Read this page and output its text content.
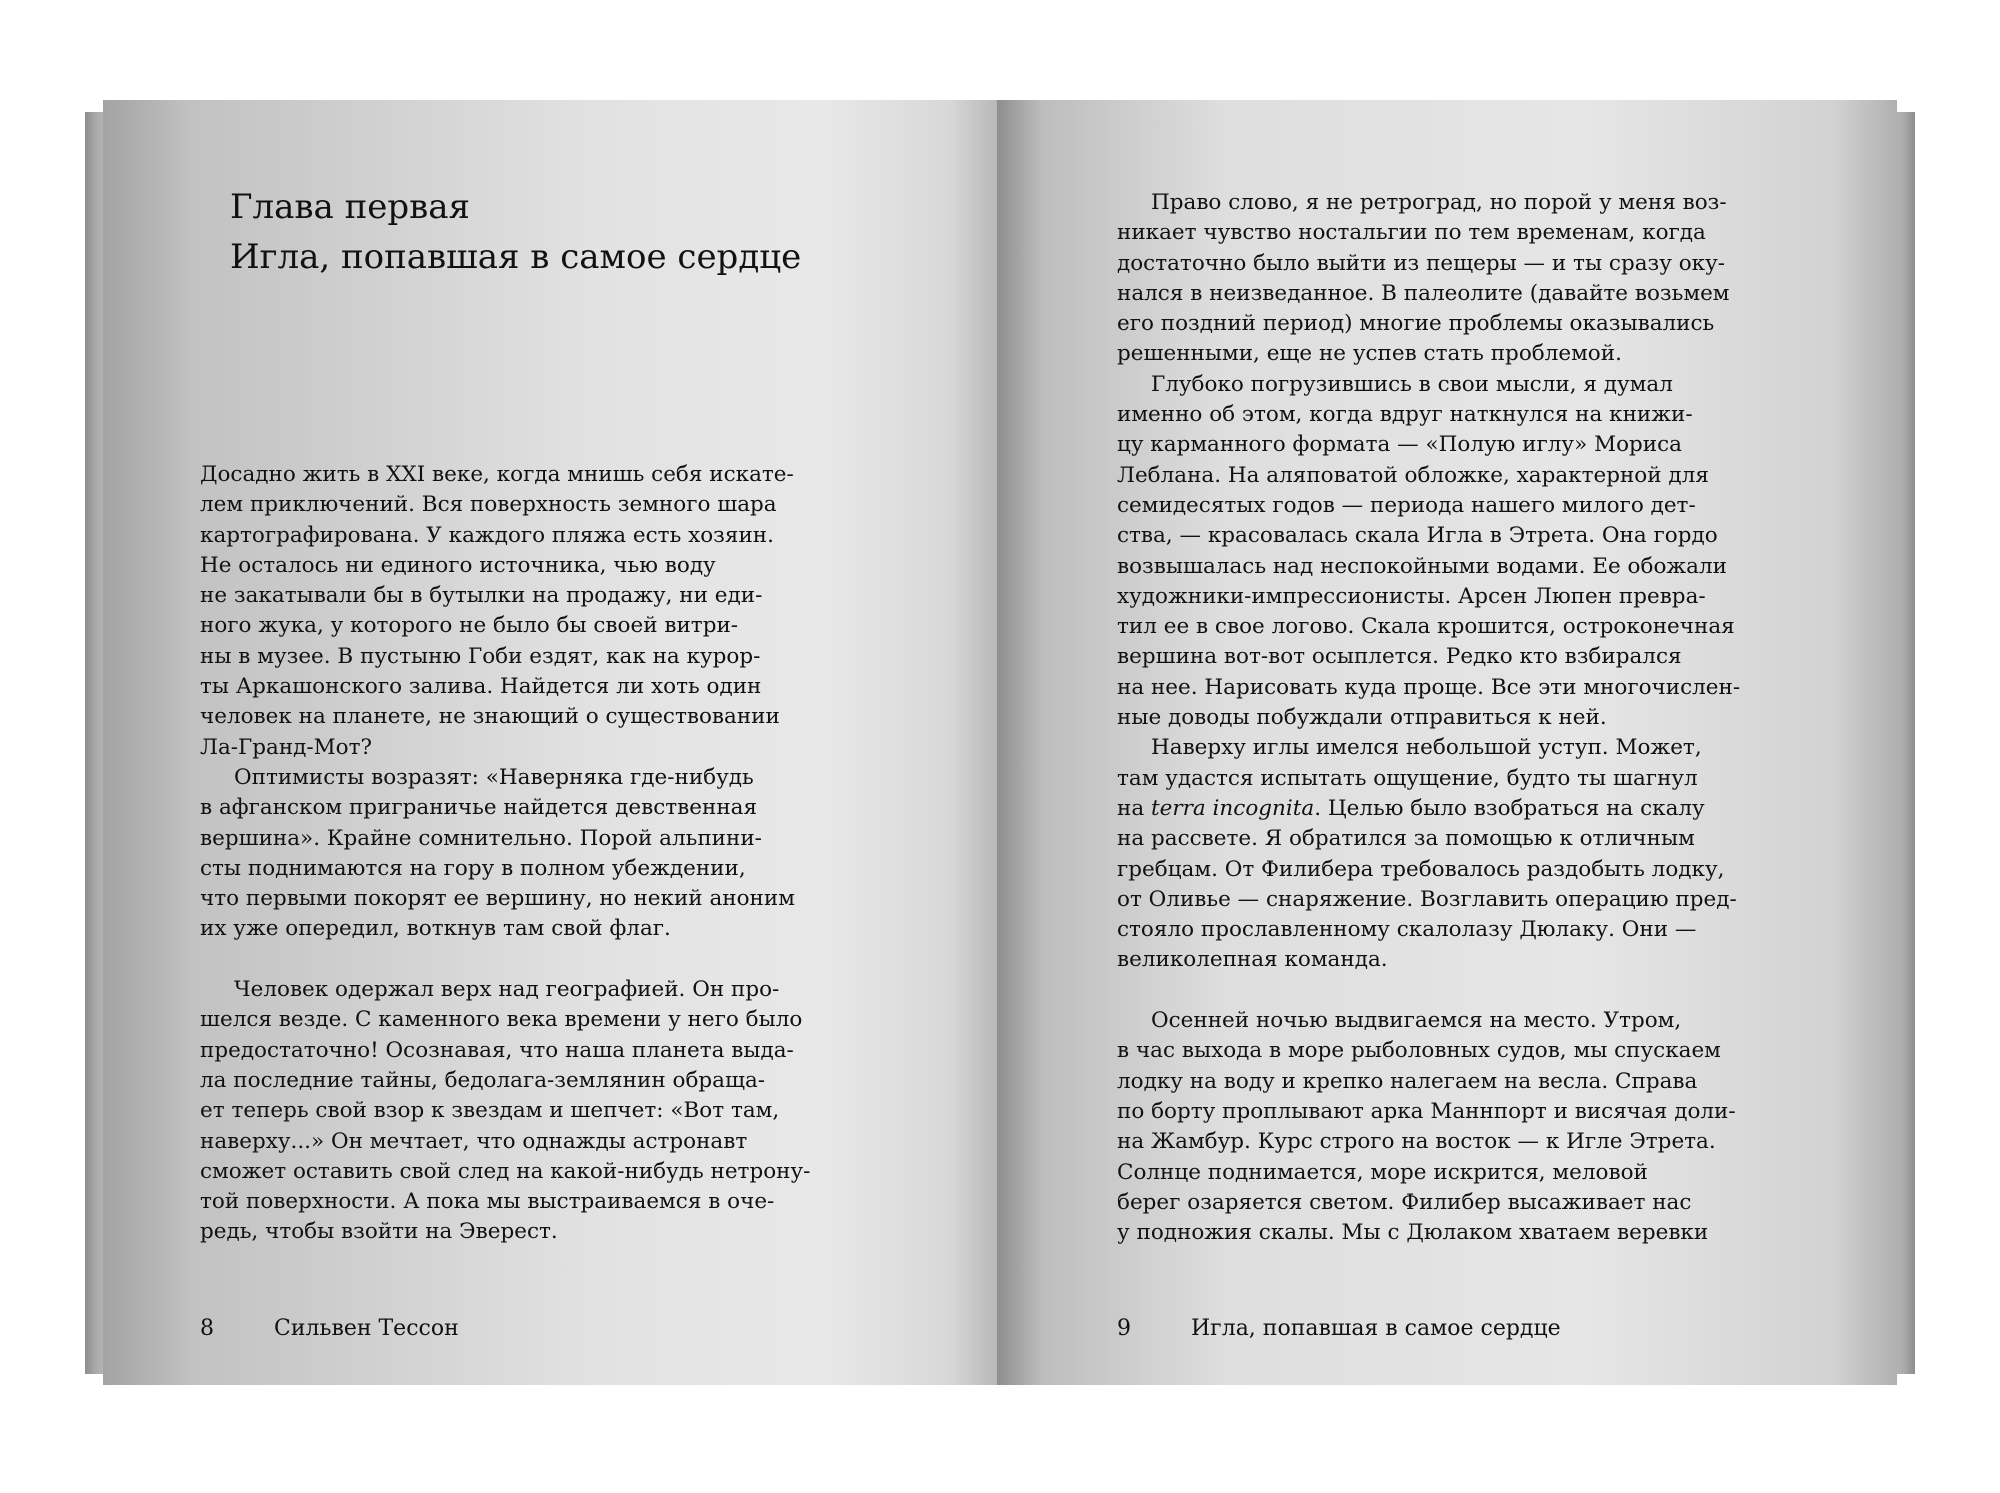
Глава первая
Игла, попавшая в самое сердце
Досадно жить в XXI веке, когда мнишь себя искате-
лем приключений. Вся поверхность земного шара
картографирована. У каждого пляжа есть хозяин.
Не осталось ни единого источника, чью воду
не закатывали бы в бутылки на продажу, ни еди-
ного жука, у которого не было бы своей витри-
ны в музее. В пустыню Гоби ездят, как на курор-
ты Аркашонского залива. Найдется ли хоть один
человек на планете, не знающий о существовании
Ла-Гранд-Мот?
Оптимисты возразят: «Наверняка где-нибудь
в афганском приграничье найдется девственная
вершина». Крайне сомнительно. Порой альпини-
сты поднимаются на гору в полном убеждении,
что первыми покорят ее вершину, но некий аноним
их уже опередил, воткнув там свой флаг.
Человек одержал верх над географией. Он про-
шелся везде. С каменного века времени у него было
предостаточно! Осознавая, что наша планета выда-
ла последние тайны, бедолага-землянин обраща-
ет теперь свой взор к звездам и шепчет: «Вот там,
наверху...» Он мечтает, что однажды астронавт
сможет оставить свой след на какой-нибудь нетрону-
той поверхности. А пока мы выстраиваемся в оче-
редь, чтобы взойти на Эверест.
8	Сильвен Тессон
Право слово, я не ретроград, но порой у меня воз-
никает чувство ностальгии по тем временам, когда
достаточно было выйти из пещеры — и ты сразу оку-
нался в неизведанное. В палеолите (давайте возьмем
его поздний период) многие проблемы оказывались
решенными, еще не успев стать проблемой.
Глубоко погрузившись в свои мысли, я думал
именно об этом, когда вдруг наткнулся на книжи-
цу карманного формата — «Полую иглу» Мориса
Леблана. На аляповатой обложке, характерной для
семидесятых годов — периода нашего милого дет-
ства, — красовалась скала Игла в Этрета. Она гордо
возвышалась над неспокойными водами. Ее обожали
художники-импрессионисты. Арсен Люпен превра-
тил ее в свое логово. Скала крошится, остроконечная
вершина вот-вот осыплется. Редко кто взбирался
на нее. Нарисовать куда проще. Все эти многочислен-
ные доводы побуждали отправиться к ней.
Наверху иглы имелся небольшой уступ. Может,
там удастся испытать ощущение, будто ты шагнул
на terra incognita. Целью было взобраться на скалу
на рассвете. Я обратился за помощью к отличным
гребцам. От Филибера требовалось раздобыть лодку,
от Оливье — снаряжение. Возглавить операцию пред-
стояло прославленному скалолазу Дюлаку. Они —
великолепная команда.
Осенней ночью выдвигаемся на место. Утром,
в час выхода в море рыболовных судов, мы спускаем
лодку на воду и крепко налегаем на весла. Справа
по борту проплывают арка Маннпорт и висячая доли-
на Жамбур. Курс строго на восток — к Игле Этрета.
Солнце поднимается, море искрится, меловой
берег озаряется светом. Филибер высаживает нас
у подножия скалы. Мы с Дюлаком хватаем веревки
9	Игла, попавшая в самое сердце
